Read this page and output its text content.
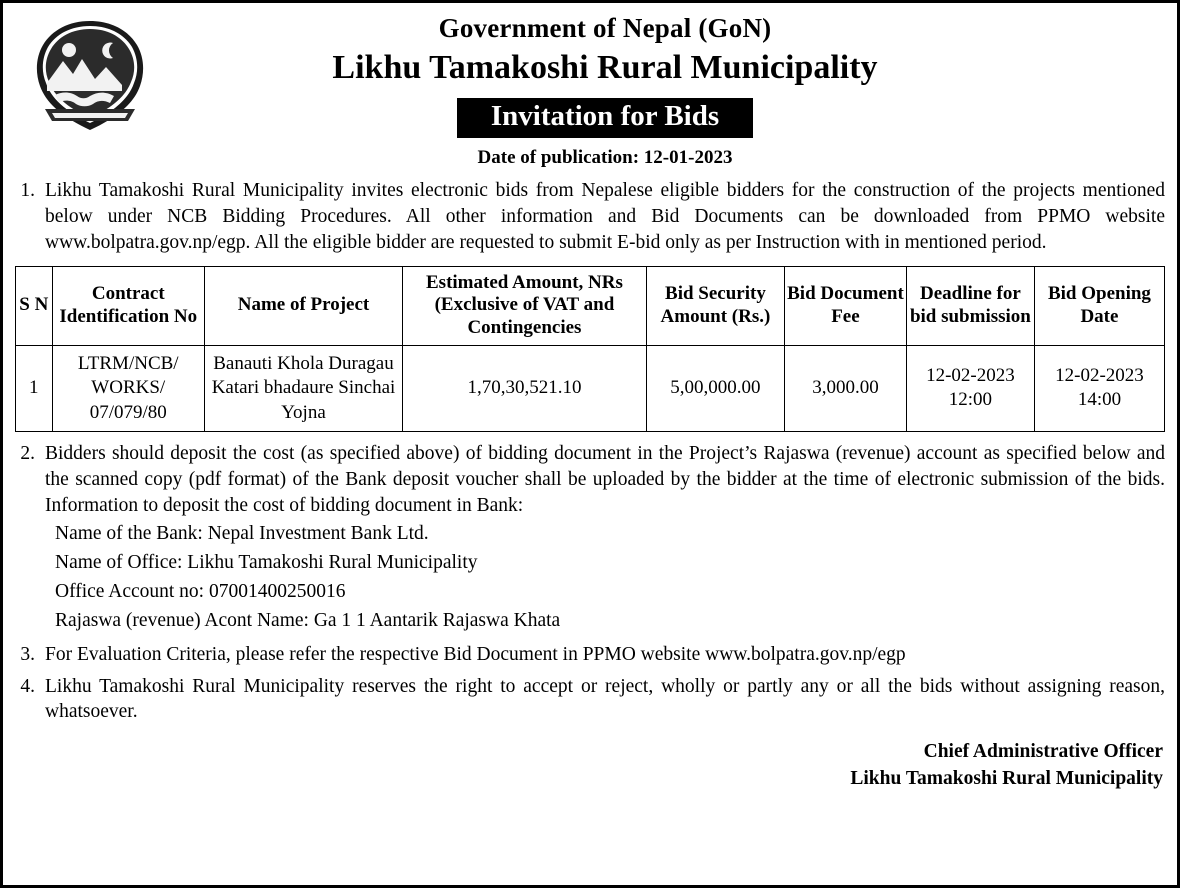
Government of Nepal (GoN)
Likhu Tamakoshi Rural Municipality
Invitation for Bids
Date of publication: 12-01-2023
1. Likhu Tamakoshi Rural Municipality invites electronic bids from Nepalese eligible bidders for the construction of the projects mentioned below under NCB Bidding Procedures. All other information and Bid Documents can be downloaded from PPMO website www.bolpatra.gov.np/egp. All the eligible bidder are requested to submit E-bid only as per Instruction with in mentioned period.
S N	Contract Identification No	Name of Project	Estimated Amount, NRs (Exclusive of VAT and Contingencies	Bid Security Amount (Rs.)	Bid Document Fee	Deadline for bid submission	Bid Opening Date
1	LTRM/NCB/ WORKS/ 07/079/80	Banauti Khola Duragau Katari bhadaure Sinchai Yojna	1,70,30,521.10	5,00,000.00	3,000.00	12-02-2023 12:00	12-02-2023 14:00
2. Bidders should deposit the cost (as specified above) of bidding document in the Project’s Rajaswa (revenue) account as specified below and the scanned copy (pdf format) of the Bank deposit voucher shall be uploaded by the bidder at the time of electronic submission of the bids. Information to deposit the cost of bidding document in Bank:
Name of the Bank: Nepal Investment Bank Ltd.
Name of Office: Likhu Tamakoshi Rural Municipality
Office Account no: 07001400250016
Rajaswa (revenue) Acont Name: Ga 1 1 Aantarik Rajaswa Khata
3. For Evaluation Criteria, please refer the respective Bid Document in PPMO website www.bolpatra.gov.np/egp
4. Likhu Tamakoshi Rural Municipality reserves the right to accept or reject, wholly or partly any or all the bids without assigning reason, whatsoever.
Chief Administrative Officer
Likhu Tamakoshi Rural Municipality
